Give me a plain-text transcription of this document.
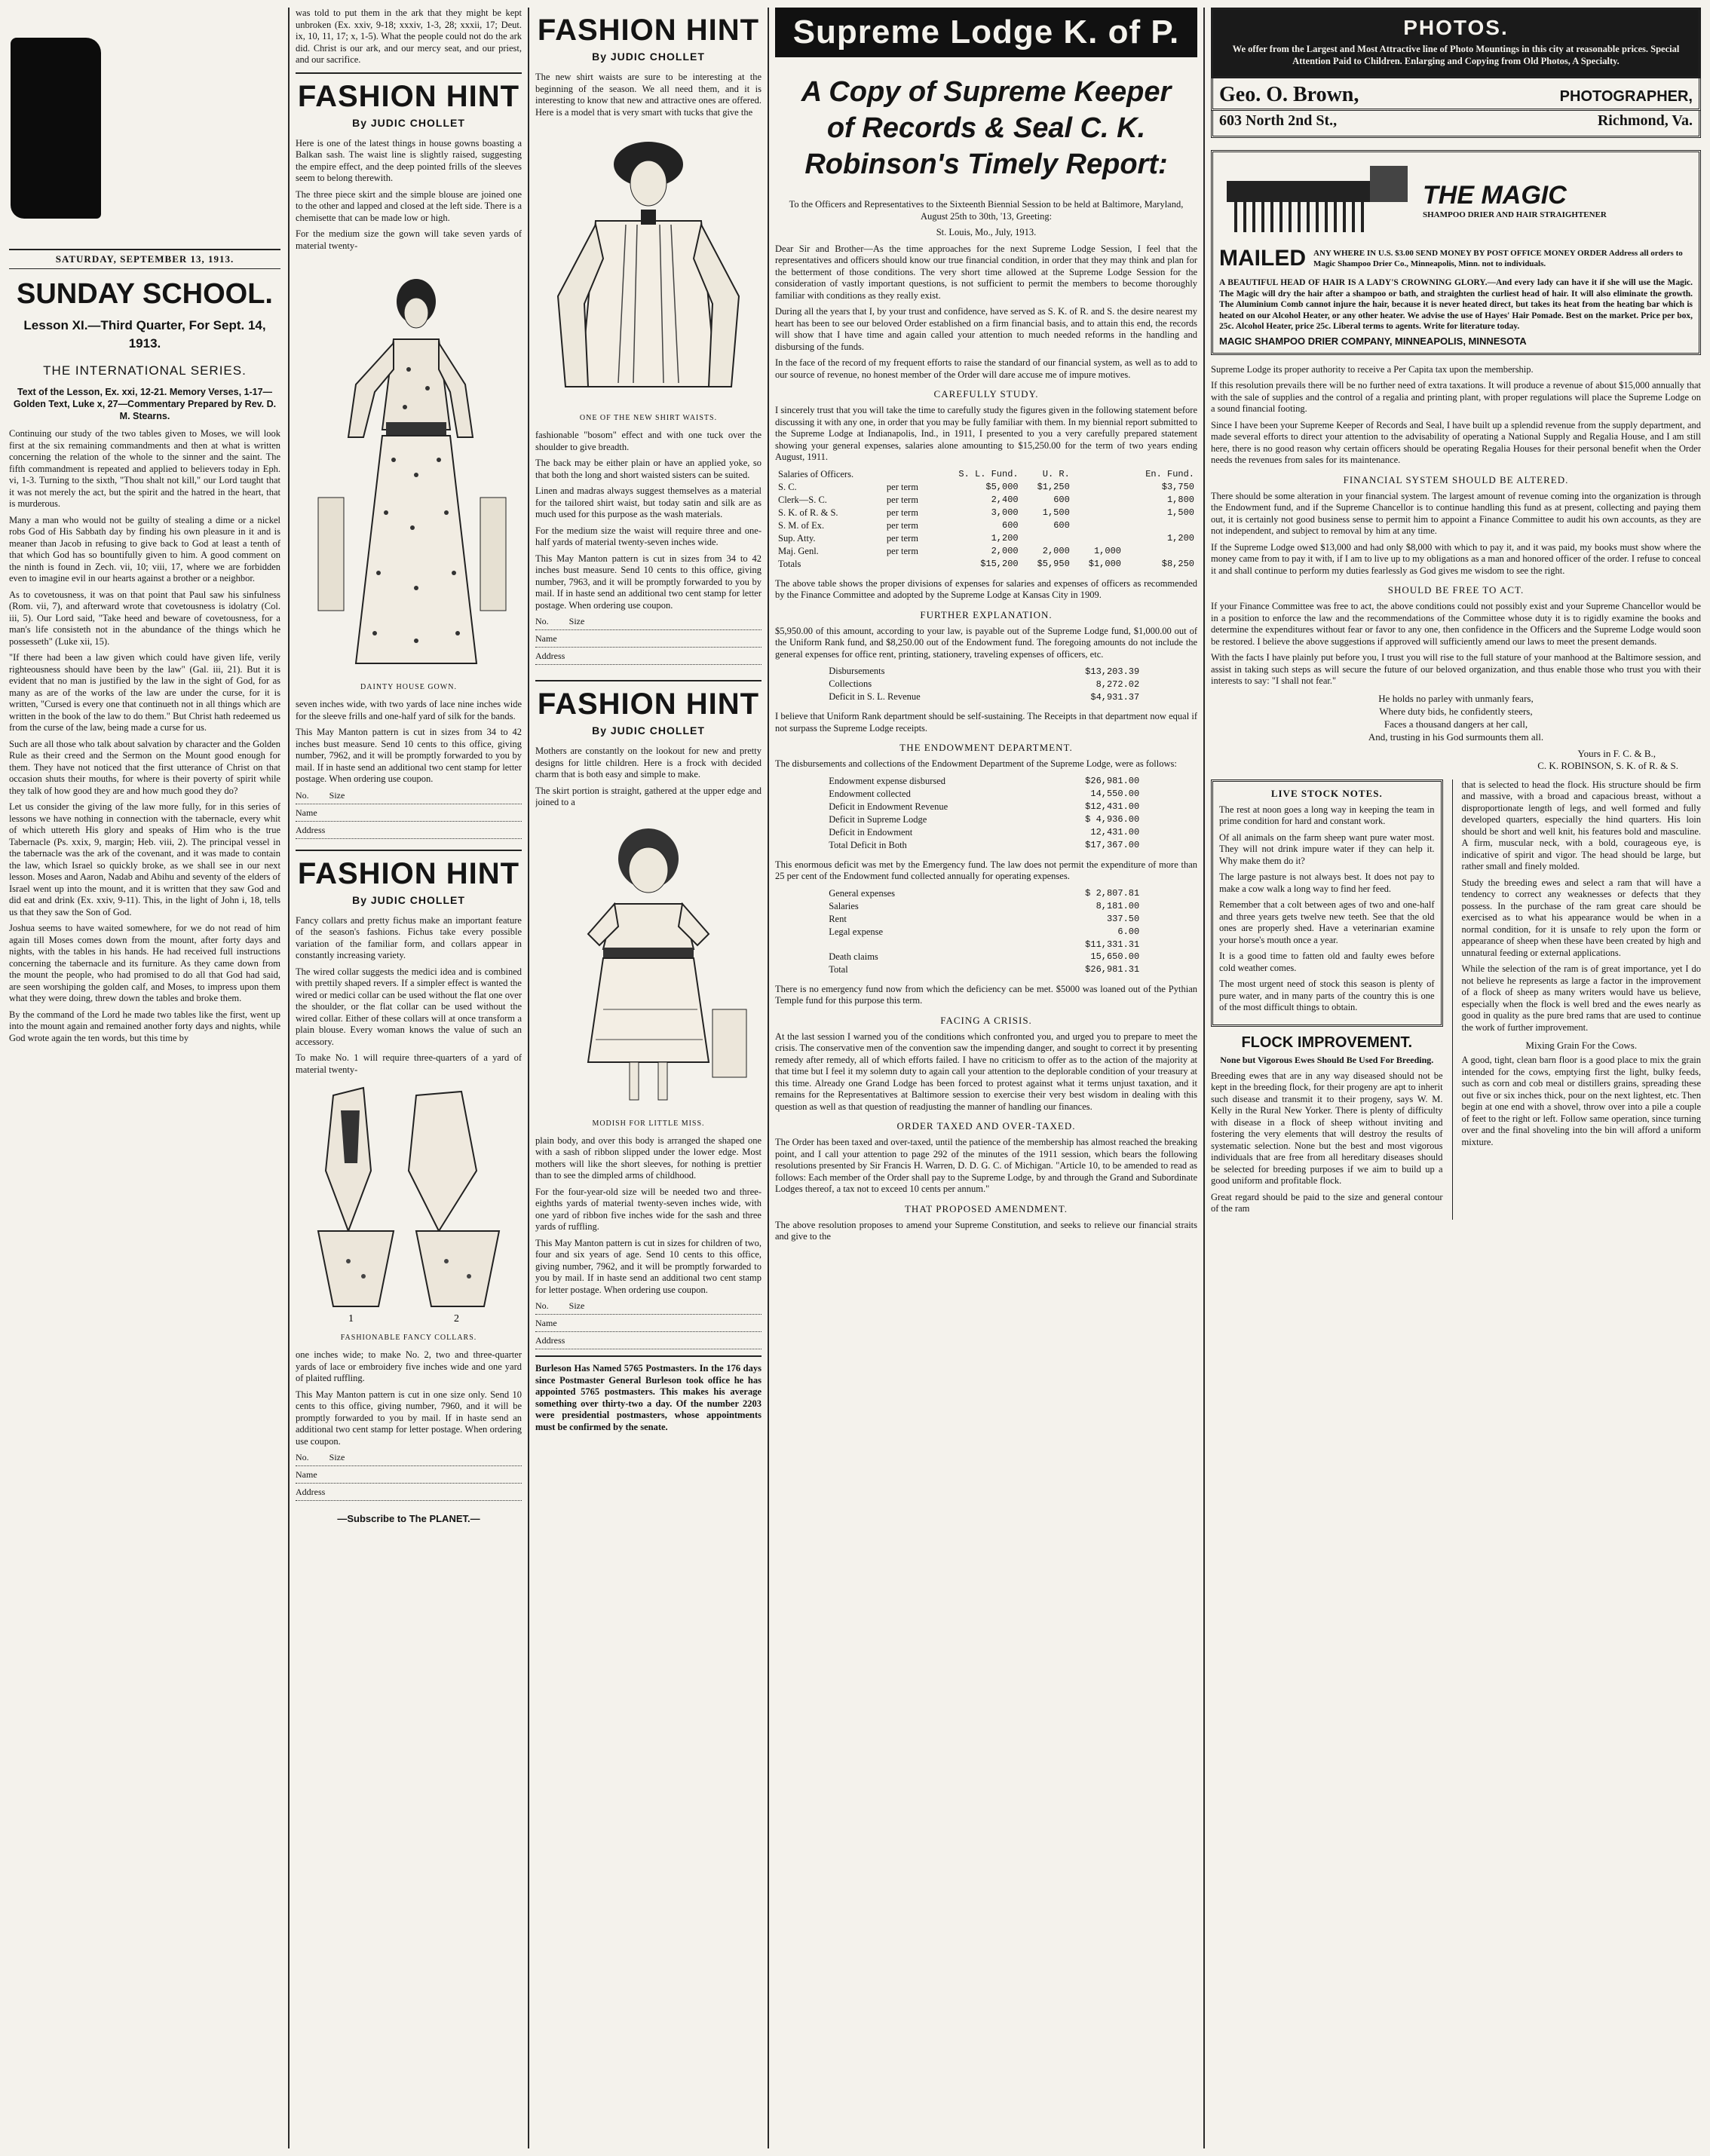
SATURDAY, SEPTEMBER 13, 1913.
SUNDAY SCHOOL.
Lesson XI.—Third Quarter, For Sept. 14, 1913.
THE INTERNATIONAL SERIES.
Text of the Lesson, Ex. xxi, 12-21. Memory Verses, 1-17—Golden Text, Luke x, 27—Commentary Prepared by Rev. D. M. Stearns.

Continuing our study of the two tables given to Moses, we will look first at the six remaining commandments and then at what is written concerning the relation of the whole to the sinner and the saint. The fifth commandment is repeated and applied to believers today in Eph. vi, 1-3. Turning to the sixth, "Thou shalt not kill," our Lord taught that it was not merely the act, but the spirit and the hatred in the heart, that is murderous.

Many a man who would not be guilty of stealing a dime or a nickel robs God of His Sabbath day by finding his own pleasure in it and is meaner than Jacob in refusing to give back to God at least a tenth of that which God has so bountifully given to him. A good comment on the ninth is found in Zech. vii, 10; viii, 17, where we are forbidden even to imagine evil in our hearts against a brother or a neighbor.

As to covetousness, it was on that point that Paul saw his sinfulness (Rom. vii, 7), and afterward wrote that covetousness is idolatry (Col. iii, 5). Our Lord said, "Take heed and beware of covetousness, for a man's life consisteth not in the abundance of the things which he possesseth" (Luke xii, 15).

"If there had been a law given which could have given life, verily righteousness should have been by the law" (Gal. iii, 21). But it is evident that no man is justified by the law in the sight of God, for as many as are of the works of the law are under the curse, for it is written, "Cursed is every one that continueth not in all things which are written in the book of the law to do them." But Christ hath redeemed us from the curse of the law, being made a curse for us.

Such are all those who talk about salvation by character and the Golden Rule as their creed and the Sermon on the Mount good enough for them. They have not noticed that the first utterance of Christ on that occasion shuts their mouths, for where is their poverty of spirit while they talk of how good they are and how much good they do?

Let us consider the giving of the law more fully, for in this series of lessons we have nothing in connection with the tabernacle, every whit of which uttereth His glory and speaks of Him who is the true Tabernacle (Ps. xxix, 9, margin; Heb. viii, 2). The principal vessel in the tabernacle was the ark of the covenant, and it was made to contain the law, which Israel so quickly broke, as we shall see in our next lesson. Moses and Aaron, Nadab and Abihu and seventy of the elders of Israel went up into the mount, and it is written that they saw God and did eat and drink (Ex. xxiv, 9-11). This, in the light of John i, 18, tells us that they saw the Son of God.

Joshua seems to have waited somewhere, for we do not read of him again till Moses comes down from the mount, after forty days and nights, with the tables in his hands. He had received full instructions concerning the tabernacle and its furniture. As they came down from the mount the people, who had promised to do all that God had said, are seen worshiping the golden calf, and Moses, to impress upon them what they were doing, threw down the tables and broke them.

By the command of the Lord he made two tables like the first, went up into the mount again and remained another forty days and nights, while God wrote again the ten words, but this time by

was told to put them in the ark that they might be kept unbroken (Ex. xxiv, 9-18; xxxiv, 1-3, 28; xxxii, 17; Deut. ix, 10, 11, 17; x, 1-5). What the people could not do the ark did. Christ is our ark, and our mercy seat, and our priest, and our sacrifice.

FASHION HINT
By JUDIC CHOLLET

Here is one of the latest things in house gowns boasting a Balkan sash. The waist line is slightly raised, suggesting the empire effect, and the deep pointed frills of the sleeves seem to belong therewith.

The three piece skirt and the simple blouse are joined one to the other and lapped and closed at the left side. There is a chemisette that can be made low or high.

For the medium size the gown will take seven yards of material twenty-

DAINTY HOUSE GOWN.

seven inches wide, with two yards of lace nine inches wide for the sleeve frills and one-half yard of silk for the bands.

This May Manton pattern is cut in sizes from 34 to 42 inches bust measure. Send 10 cents to this office, giving number, 7962, and it will be promptly forwarded to you by mail. If in haste send an additional two cent stamp for letter postage. When ordering use coupon.

No. Size
Name
Address
FASHION HINT
By JUDIC CHOLLET

Fancy collars and pretty fichus make an important feature of the season's fashions. Fichus take every possible variation of the familiar form, and collars appear in constantly increasing variety.

The wired collar suggests the medici idea and is combined with prettily shaped revers. If a simpler effect is wanted the wired or medici collar can be used without the flat one over the shoulder, or the flat collar can be used without the wired collar. Either of these collars will at once transform a plain blouse. Every woman knows the value of such an accessory.

To make No. 1 will require three-quarters of a yard of material twenty-

1	2
FASHIONABLE FANCY COLLARS.

one inches wide; to make No. 2, two and three-quarter yards of lace or embroidery five inches wide and one yard of plaited ruffling.

This May Manton pattern is cut in one size only. Send 10 cents to this office, giving number, 7960, and it will be promptly forwarded to you by mail. If in haste send an additional two cent stamp for letter postage. When ordering use coupon.

No. Size
Name
Address
—Subscribe to The PLANET.—
FASHION HINT
By JUDIC CHOLLET

The new shirt waists are sure to be interesting at the beginning of the season. We all need them, and it is interesting to know that new and attractive ones are offered. Here is a model that is very smart with tucks that give the

ONE OF THE NEW SHIRT WAISTS.

fashionable "bosom" effect and with one tuck over the shoulder to give breadth.

The back may be either plain or have an applied yoke, so that both the long and short waisted sisters can be suited.

Linen and madras always suggest themselves as a material for the tailored shirt waist, but today satin and silk are as much used for this purpose as the wash materials.

For the medium size the waist will require three and one-half yards of material twenty-seven inches wide.

This May Manton pattern is cut in sizes from 34 to 42 inches bust measure. Send 10 cents to this office, giving number, 7963, and it will be promptly forwarded to you by mail. If in haste send an additional two cent stamp for letter postage. When ordering use coupon.

No. Size
Name
Address
FASHION HINT
By JUDIC CHOLLET

Mothers are constantly on the lookout for new and pretty designs for little children. Here is a frock with decided charm that is both easy and simple to make.

The skirt portion is straight, gathered at the upper edge and joined to a

MODISH FOR LITTLE MISS.

plain body, and over this body is arranged the shaped one with a sash of ribbon slipped under the lower edge. Most mothers will like the short sleeves, for nothing is prettier than to see the dimpled arms of childhood.

For the four-year-old size will be needed two and three-eighths yards of material twenty-seven inches wide, with one yard of ribbon five inches wide for the sash and three yards of ruffling.

This May Manton pattern is cut in sizes for children of two, four and six years of age. Send 10 cents to this office, giving number, 7962, and it will be promptly forwarded to you by mail. If in haste send an additional two cent stamp for letter postage. When ordering use coupon.

No. Size
Name
Address

Burleson Has Named 5765 Postmasters. In the 176 days since Postmaster General Burleson took office he has appointed 5765 postmasters. This makes his average something over thirty-two a day. Of the number 2203 were presidential postmasters, whose appointments must be confirmed by the senate.

Supreme Lodge K. of P.
A Copy of Supreme Keeper of Records & Seal C. K. Robinson's Timely Report:

To the Officers and Representatives to the Sixteenth Biennial Session to be held at Baltimore, Maryland, August 25th to 30th, '13, Greeting:

St. Louis, Mo., July, 1913.

Dear Sir and Brother—As the time approaches for the next Supreme Lodge Session, I feel that the representatives and officers should know our true financial condition, in order that they may think and plan for the betterment of those conditions. The very short time allowed at the Supreme Lodge Session for the consideration of vastly important questions, is not sufficient to permit the members to become thoroughly familiar with conditions as they really exist.

During all the years that I, by your trust and confidence, have served as S. K. of R. and S. the desire nearest my heart has been to see our beloved Order established on a firm financial basis, and to attain this end, the records will show that I have time and again called your attention to much needed reforms in the handling and disbursing of the funds.

In the face of the record of my frequent efforts to raise the standard of our financial system, as well as to add to our source of revenue, no honest member of the Order will dare accuse me of impure motives.

CAREFULLY STUDY.

I sincerely trust that you will take the time to carefully study the figures given in the following statement before discussing it with any one, in order that you may be fully familiar with them. In my biennial report submitted to the Supreme Lodge at Indianapolis, Ind., in 1911, I presented to you a very carefully prepared statement showing your general expenses, salaries alone amounting to $15,250.00 for the term of two years ending August, 1911.

Salaries of Officers.		S. L. Fund.	U. R.		En. Fund.
S. C.	per term	$5,000	$1,250		$3,750
Clerk—S. C.	per term	2,400	600		1,800
S. K. of R. & S.	per term	3,000	1,500		1,500
S. M. of Ex.	per term	600	600		
Sup. Atty.	per term	1,200			1,200
Maj. Genl.	per term	2,000	2,000	1,000	
Totals		$15,200	$5,950	$1,000	$8,250

The above table shows the proper divisions of expenses for salaries and expenses of officers as recommended by the Finance Committee and adopted by the Supreme Lodge at Kansas City in 1909.

FURTHER EXPLANATION.

$5,950.00 of this amount, according to your law, is payable out of the Supreme Lodge fund, $1,000.00 out of the Uniform Rank fund, and $8,250.00 out of the Endowment fund. The foregoing amounts do not include the general expenses for office rent, printing, stationery, traveling expenses of officers, etc.

Disbursements	$13,203.39
Collections	8,272.02
Deficit in S. L. Revenue	$4,931.37

I believe that Uniform Rank department should be self-sustaining. The Receipts in that department now equal if not surpass the Supreme Lodge receipts.

THE ENDOWMENT DEPARTMENT.

The disbursements and collections of the Endowment Department of the Supreme Lodge, were as follows:

Endowment expense disbursed	$26,981.00
Endowment collected	14,550.00
Deficit in Endowment Revenue	$12,431.00
Deficit in Supreme Lodge	$ 4,936.00
Deficit in Endowment	12,431.00
Total Deficit in Both	$17,367.00

This enormous deficit was met by the Emergency fund. The law does not permit the expenditure of more than 25 per cent of the Endowment fund collected annually for operating expenses.

General expenses	$ 2,807.81
Salaries	8,181.00
Rent	337.50
Legal expense	6.00
	$11,331.31
Death claims	15,650.00
Total	$26,981.31

There is no emergency fund now from which the deficiency can be met. $5000 was loaned out of the Pythian Temple fund for this purpose this term.

FACING A CRISIS.

At the last session I warned you of the conditions which confronted you, and urged you to prepare to meet the crisis. The conservative men of the convention saw the impending danger, and sought to correct it by presenting remedy after remedy, all of which efforts failed. I have no criticism to offer as to the action of the majority at that time but I feel it my solemn duty to again call your attention to the deplorable condition of your treasury at this time. Already one Grand Lodge has been forced to protest against what it terms unjust taxation, and it remains for the Representatives at Baltimore session to exercise their very best wisdom in dealing with this question as well as that question of readjusting the manner of handling our finances.

ORDER TAXED AND OVER-TAXED.

The Order has been taxed and over-taxed, until the patience of the membership has almost reached the breaking point, and I call your attention to page 292 of the minutes of the 1911 session, which bears the following resolutions presented by Sir Francis H. Warren, D. D. G. C. of Michigan. "Article 10, to be amended to read as follows: Each member of the Order shall pay to the Supreme Lodge, by and through the Grand and Subordinate Lodges thereof, a tax not to exceed 10 cents per annum."

THAT PROPOSED AMENDMENT.

The above resolution proposes to amend your Supreme Constitution, and seeks to relieve our financial straits and give to the

PHOTOS.
We offer from the Largest and Most Attractive line of Photo Mountings in this city at reasonable prices. Special Attention Paid to Children. Enlarging and Copying from Old Photos, A Specialty.
Geo. O. Brown,	PHOTOGRAPHER,
603 North 2nd St.,	Richmond, Va.
THE MAGIC
SHAMPOO DRIER AND HAIR STRAIGHTENER
MAILED ANY WHERE IN U.S. $3.00 SEND MONEY BY POST OFFICE MONEY ORDER Address all orders to Magic Shampoo Drier Co., Minneapolis, Minn. not to individuals.
A BEAUTIFUL HEAD OF HAIR IS A LADY'S CROWNING GLORY.—And every lady can have it if she will use the Magic. The Magic will dry the hair after a shampoo or bath, and straighten the curliest head of hair. It will also eliminate the growth. The Aluminium Comb cannot injure the hair, because it is never heated direct, but takes its heat from the heating bar which is heated on our Alcohol Heater, or any other heater. We advise the use of Hayes' Hair Pomade. Best on the market. Price per box, 25c. Alcohol Heater, price 25c. Liberal terms to agents. Write for literature today.
MAGIC SHAMPOO DRIER COMPANY, MINNEAPOLIS, MINNESOTA

Supreme Lodge its proper authority to receive a Per Capita tax upon the membership.

If this resolution prevails there will be no further need of extra taxations. It will produce a revenue of about $15,000 annually that with the sale of supplies and the control of a regalia and printing plant, with proper regulations will place the Supreme Lodge on a sound financial footing.

Since I have been your Supreme Keeper of Records and Seal, I have built up a splendid revenue from the supply department, and made several efforts to direct your attention to the advisability of operating a National Supply and Regalia House, and I am still here, there is no good reason why certain officers should be operating Regalia Houses for their personal benefit when the Order needs the revenues from sales for its maintenance.

FINANCIAL SYSTEM SHOULD BE ALTERED.

There should be some alteration in your financial system. The largest amount of revenue coming into the organization is through the Endowment fund, and if the Supreme Chancellor is to continue handling this fund as at present, collecting and paying them out, it is certainly not good business sense to permit him to appoint a Finance Committee to audit his own accounts, as they are not independent, and subject to removal by him at any time.

If the Supreme Lodge owed $13,000 and had only $8,000 with which to pay it, and it was paid, my books must show where the money came from to pay it with, if I am to live up to my obligations as a man and honored officer of the order. I refuse to conceal it and shall continue to perform my duties fearlessly as God gives me wisdom to see the right.

SHOULD BE FREE TO ACT.

If your Finance Committee was free to act, the above conditions could not possibly exist and your Supreme Chancellor would be in a position to enforce the law and the recommendations of the Committee whose duty it is to rigidly examine the books and determine the expenditures without fear or favor to any one, then confidence in the Officers and the Supreme Lodge would soon be restored. I believe the above suggestions if approved will sufficiently amend our laws to meet the present demands.

With the facts I have plainly put before you, I trust you will rise to the full stature of your manhood at the Baltimore session, and assist in taking such steps as will secure the future of our beloved organization, and thus enable those who trust you with their interests to say: "I shall not fear."

He holds no parley with unmanly fears,
Where duty bids, he confidently steers,
Faces a thousand dangers at her call,
And, trusting in his God surmounts them all.
Yours in F. C. & B.,
C. K. ROBINSON, S. K. of R. & S.
LIVE STOCK NOTES.

The rest at noon goes a long way in keeping the team in prime condition for hard and constant work.

Of all animals on the farm sheep want pure water most. They will not drink impure water if they can help it. Why make them do it?

The large pasture is not always best. It does not pay to make a cow walk a long way to find her feed.

Remember that a colt between ages of two and one-half and three years gets twelve new teeth. See that the old ones are properly shed. Have a veterinarian examine your horse's mouth once a year.

It is a good time to fatten old and faulty ewes before cold weather comes.

The most urgent need of stock this season is plenty of pure water, and in many parts of the country this is one of the most difficult things to obtain.

FLOCK IMPROVEMENT.
None but Vigorous Ewes Should Be Used For Breeding.

Breeding ewes that are in any way diseased should not be kept in the breeding flock, for their progeny are apt to inherit such disease and transmit it to their progeny, says W. M. Kelly in the Rural New Yorker. There is plenty of difficulty with disease in a flock of sheep without inviting and fostering the very elements that will destroy the results of systematic selection. None but the best and most vigorous individuals that are free from all hereditary diseases should be selected for breeding purposes if we aim to build up a good uniform and profitable flock.

Great regard should be paid to the size and general contour of the ram

that is selected to head the flock. His structure should be firm and massive, with a broad and capacious breast, without a disproportionate length of legs, and well formed and fully developed quarters, especially the hind quarters. His loin should be short and well knit, his features bold and masculine. A firm, muscular neck, with a bold, courageous eye, is indicative of spirit and vigor. The head should be large, but rather small and finely molded.

Study the breeding ewes and select a ram that will have a tendency to correct any weaknesses or defects that they possess. In the purchase of the ram great care should be exercised as to what his appearance would be when in a normal condition, for it is unsafe to rely upon the form or appearance of sheep when these have been created by high and unnatural feeding or external applications.

While the selection of the ram is of great importance, yet I do not believe he represents as large a factor in the improvement of a flock of sheep as many writers would have us believe, especially when the flock is well bred and the ewes nearly as good in quality as the pure bred rams that are used to continue the work of further improvement.

Mixing Grain For the Cows.

A good, tight, clean barn floor is a good place to mix the grain intended for the cows, emptying first the light, bulky feeds, such as corn and cob meal or distillers grains, spreading these out five or six inches thick, pour on the next lightest, etc. Then begin at one end with a shovel, throw over into a pile a couple of feet to the right or left. Follow same operation, since turning over and the final shoveling into the bin will afford a uniform mixture.
